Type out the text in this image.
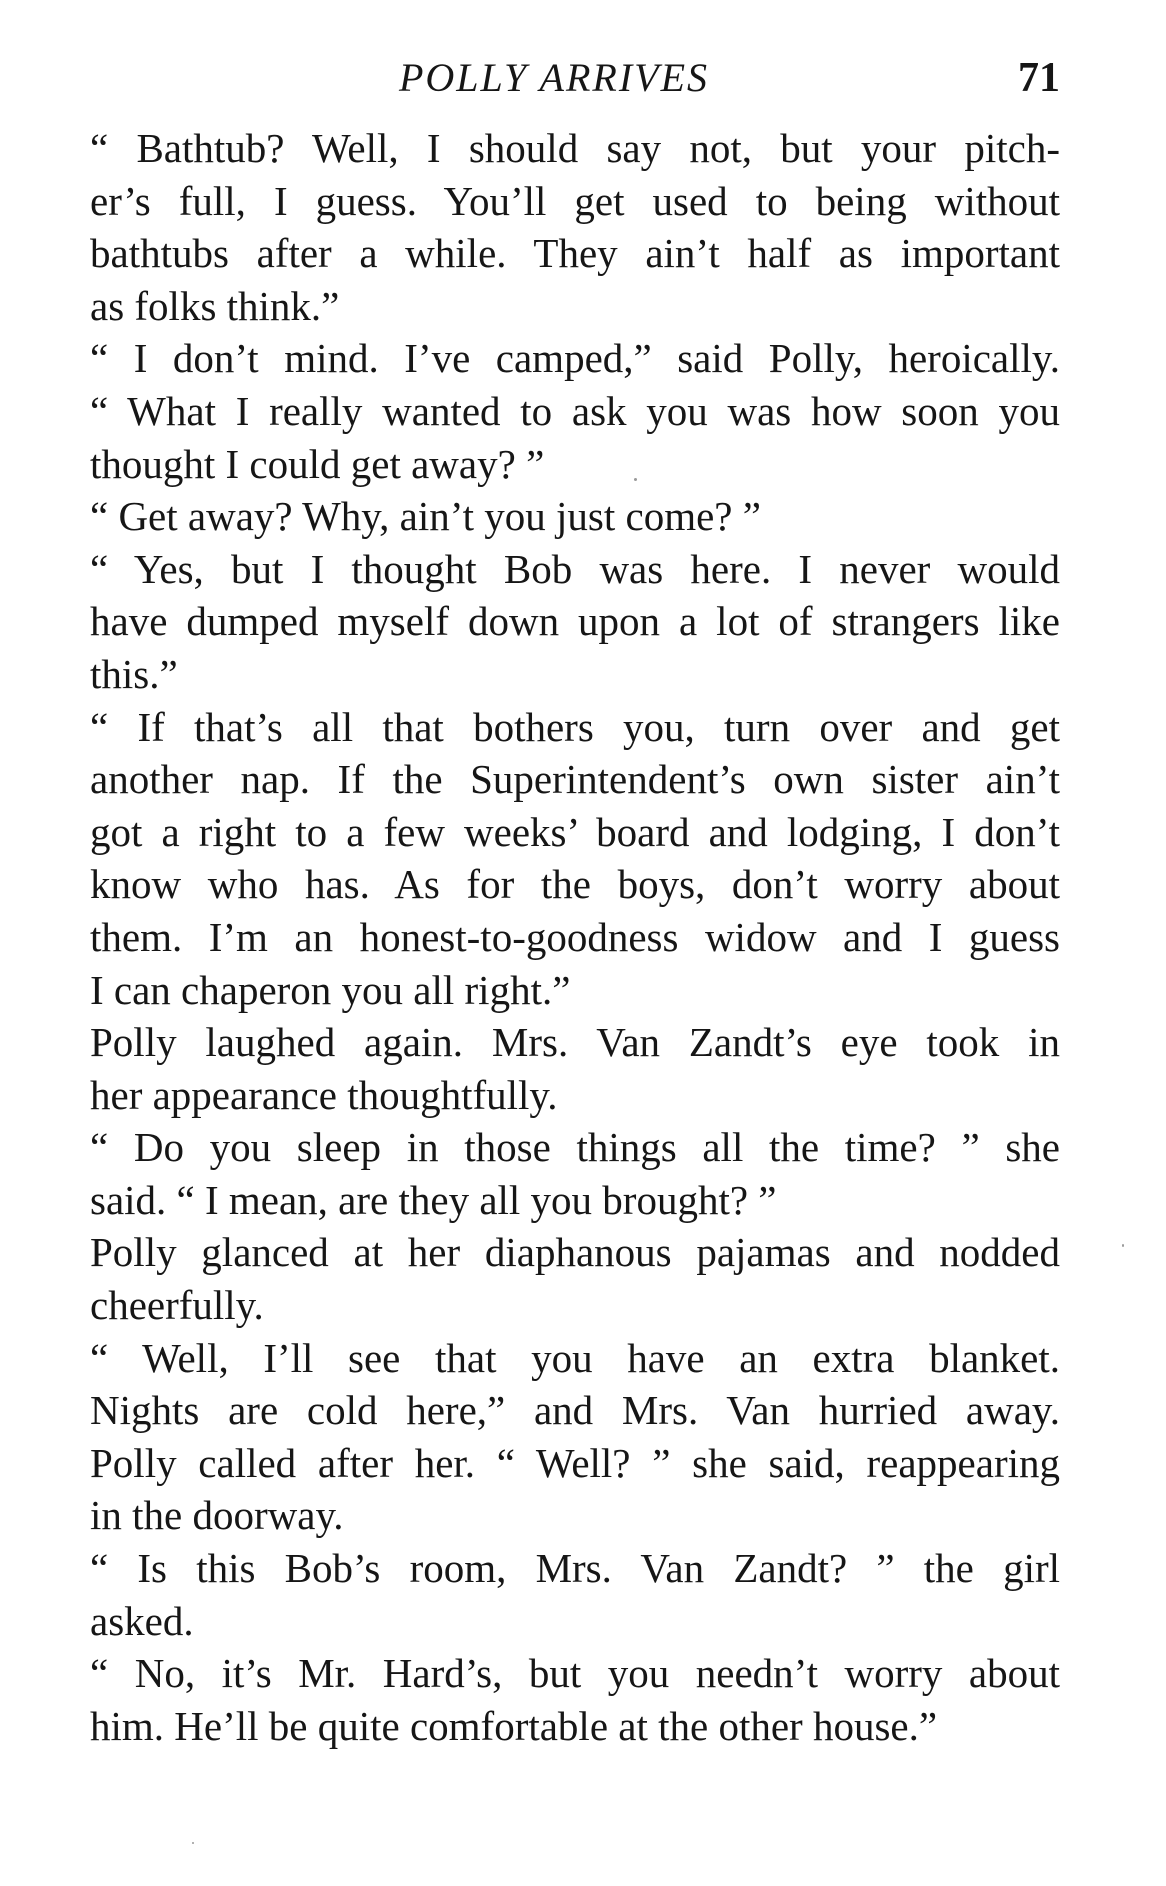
POLLY ARRIVES	71

“ Bathtub? Well, I should say not, but your pitch-
er’s full, I guess. You’ll get used to being without
bathtubs after a while. They ain’t half as important
as folks think.”

“ I don’t mind. I’ve camped,” said Polly, heroically.
“ What I really wanted to ask you was how soon you
thought I could get away? ”

“ Get away? Why, ain’t you just come? ”

“ Yes, but I thought Bob was here. I never would
have dumped myself down upon a lot of strangers like
this.”

“ If that’s all that bothers you, turn over and get
another nap. If the Superintendent’s own sister ain’t
got a right to a few weeks’ board and lodging, I don’t
know who has. As for the boys, don’t worry about
them. I’m an honest-to-goodness widow and I guess
I can chaperon you all right.”

Polly laughed again. Mrs. Van Zandt’s eye took in
her appearance thoughtfully.

“ Do you sleep in those things all the time? ” she
said. “ I mean, are they all you brought? ”

Polly glanced at her diaphanous pajamas and nodded
cheerfully.

“ Well, I’ll see that you have an extra blanket.
Nights are cold here,” and Mrs. Van hurried away.
Polly called after her. “ Well? ” she said, reappearing
in the doorway.

“ Is this Bob’s room, Mrs. Van Zandt? ” the girl
asked.

“ No, it’s Mr. Hard’s, but you needn’t worry about
him. He’ll be quite comfortable at the other house.”
